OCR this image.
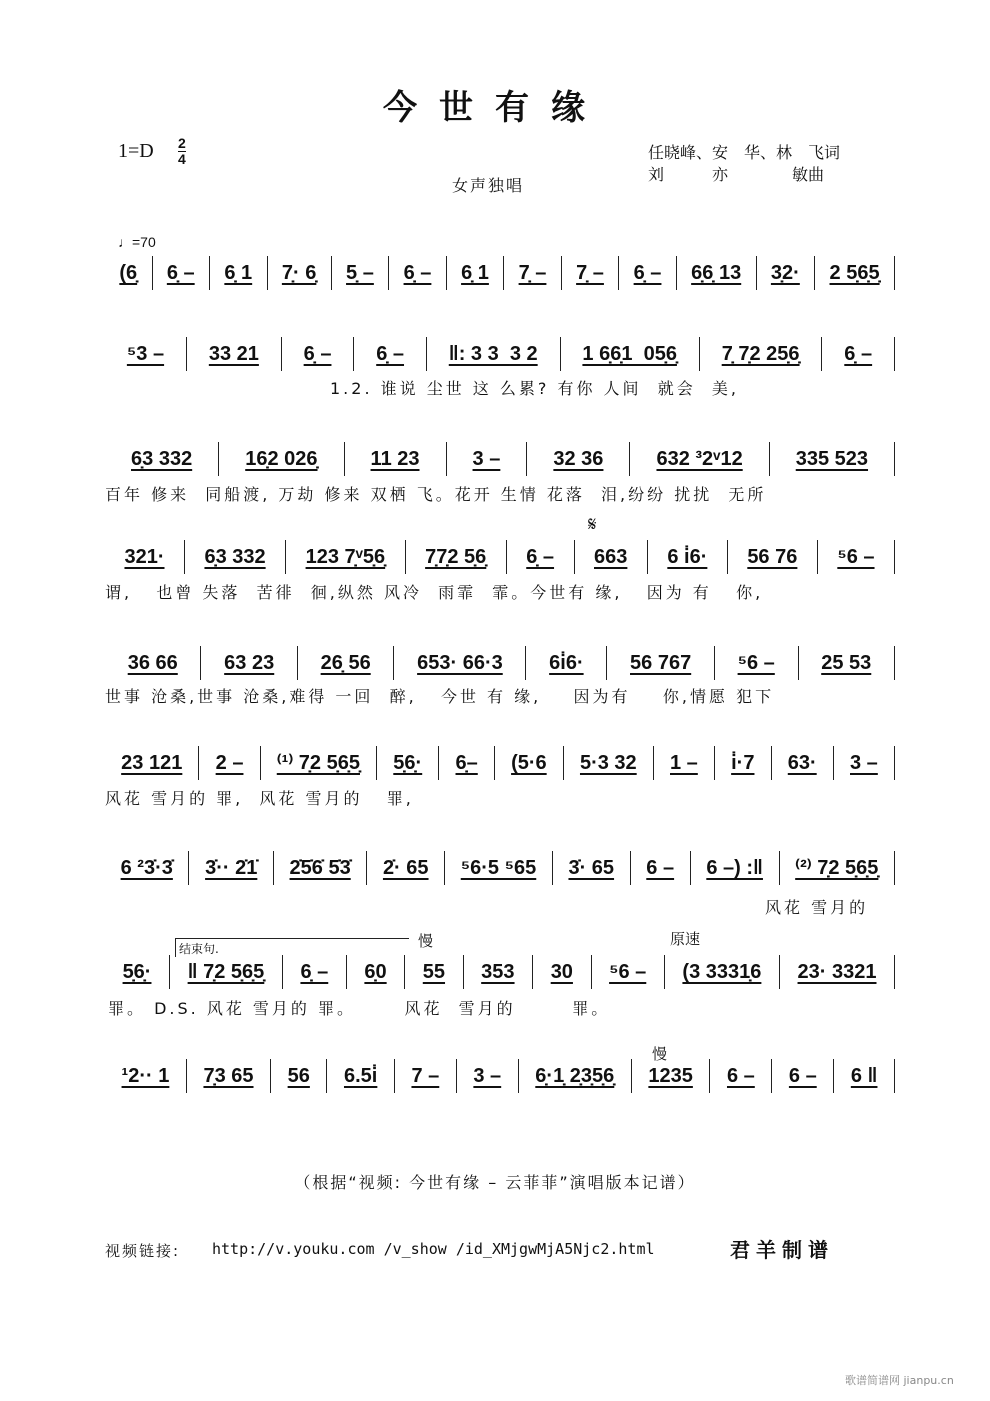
今世有缘
1=D 2
4	任晓峰、安　华、林　飞词
刘　　　亦　　　　敏曲
女声独唱
♩=70
(6̣	6̣ –	6̣ 1	7̣· 6̣	5̣ –	6̣ –	6̣ 1	7̣ –	7̣ –	6̣ –	6̣6̣ 13	3̣2·	2 5̣6̣5̣
⁵3 –	33 21	6̣ –	6̣ –	‖: 3 3  3 2	1 6̣6̣1  05̣6̣	7̣ 7̣2 25̣6̣	6̣ –
1.2. 谁说 尘世 这 么累? 有你 人间  就会  美,
6̣3 332	16̣2 026̣	11 23	3 –	32 36	632 ³2ᵛ12	335 523
百年 修来  同船渡, 万劫 修来 双栖 飞。花开 生情 花落  泪,纷纷 扰扰  无所
321·	6̣3 332	123 7̣ᵛ5̣6̣	7̣7̣2 5̣6̣	6̣ –	663	6 i̇6·	56 76	⁵6 –
谓,   也曾 失落  苦徘  徊,纵然 风冷  雨霏  霏。今世有 缘,   因为 有   你,
36 66	63 23	26̣ 56	653· 66·3	6i̇6·	56 767	⁵6 –	25 53
世事 沧桑,世事 沧桑,难得 一回  醉,   今世 有 缘,    因为有    你,情愿 犯下
23 121	2 –	⁽¹⁾ 7̣2 5̣6̣5̣	5̣6̣·	6̣–	(5·6	5·3 32	1 –	i̇·7	63·	3 –
风花 雪月的 罪,  风花 雪月的   罪,
6 ²3̇·3̇	3̇·· 2̇1̇	2̇5̇6̇ 5̇3̇	2̇· 65	⁵6·5 ⁵65	3̇· 65	6 –	6 –) :‖	⁽²⁾ 7̣2 5̣6̣5̣
风花 雪月的
5̣6̣·	‖ 7̣2 5̣6̣5̣	6̣ –	6̣0	55	353	30	⁵6 –	(3 3331̣6	23· 3321
罪。 D.S. 风花 雪月的 罪。      风花  雪月的       罪。
¹2·· 1	7̣3 65	56	6.5i̇	7 –	3 –	6̣·1̣ 2̣3̣5̣6̣	1235	6 –	6 –	6 ‖
𝄋
结束句.	慢	原速
慢
（根据“视频: 今世有缘 – 云菲菲”演唱版本记谱）
视频链接: http://v.youku.com /v_show /id_XMjgwMjA5Njc2.html	君羊制谱
歌谱简谱网 jianpu.cn
